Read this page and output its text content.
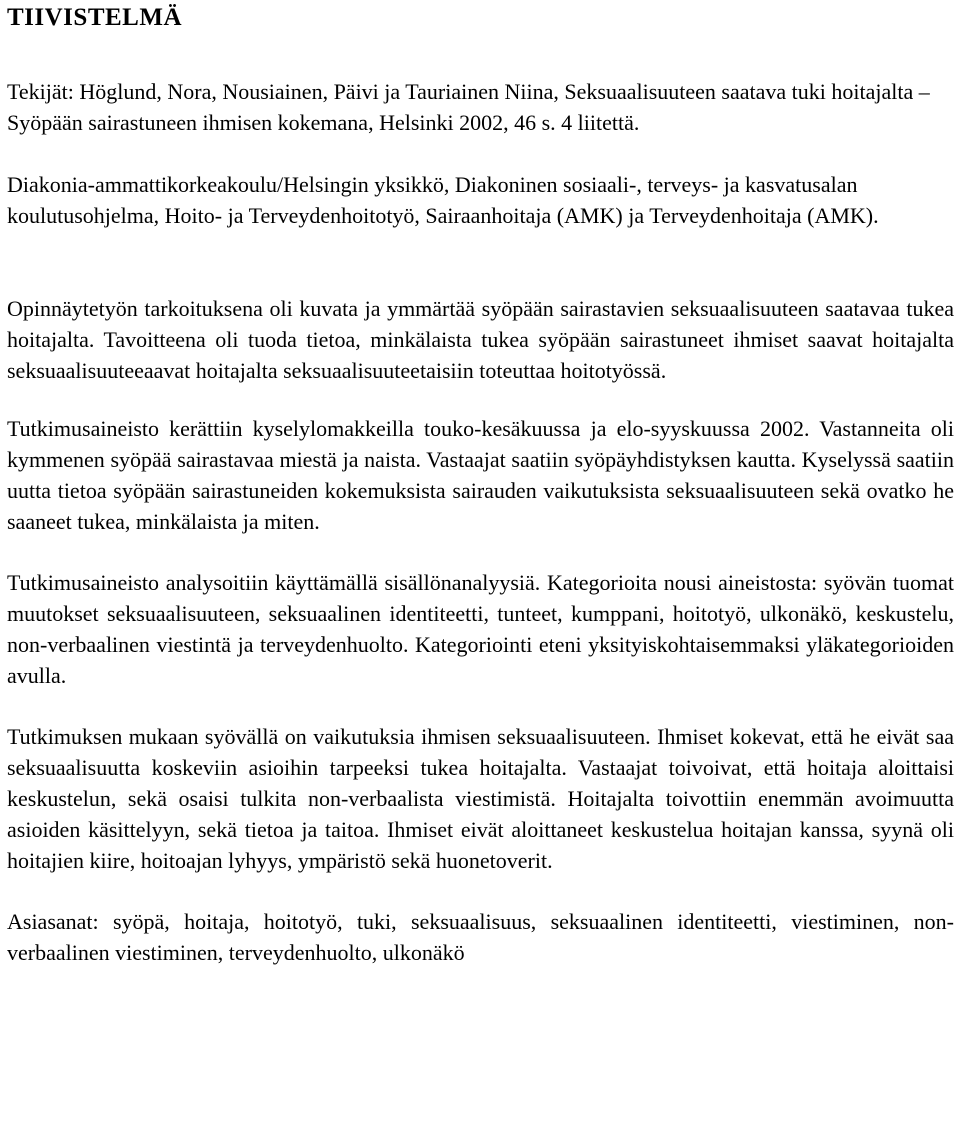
TIIVISTELMÄ

Tekijät: Höglund, Nora, Nousiainen, Päivi ja Tauriainen Niina, Seksuaalisuuteen saatava tuki hoitajalta – Syöpään sairastuneen ihmisen kokemana, Helsinki 2002, 46 s. 4 liitettä.

Diakonia-ammattikorkeakoulu/Helsingin yksikkö, Diakoninen sosiaali-, terveys- ja kasvatusalan koulutusohjelma, Hoito- ja Terveydenhoitotyö, Sairaanhoitaja (AMK) ja Terveydenhoitaja (AMK).

Opinnäytetyön tarkoituksena oli kuvata ja ymmärtää syöpään sairastavien seksuaalisuuteen saatavaa tukea hoitajalta. Tavoitteena oli tuoda tietoa, minkälaista tukea syöpään sairastuneet ihmiset saavat hoitajalta seksuaalisuuteeaavat hoitajalta seksuaalisuuteetaisiin toteuttaa hoitotyössä.

Tutkimusaineisto kerättiin kyselylomakkeilla touko-kesäkuussa ja elo-syyskuussa 2002. Vastanneita oli kymmenen syöpää sairastavaa miestä ja naista. Vastaajat saatiin syöpäyhdistyksen kautta. Kyselyssä saatiin uutta tietoa syöpään sairastuneiden kokemuksista sairauden vaikutuksista seksuaalisuuteen sekä ovatko he saaneet tukea, minkälaista ja miten.

Tutkimusaineisto analysoitiin käyttämällä sisällönanalyysiä. Kategorioita nousi aineistosta: syövän tuomat muutokset seksuaalisuuteen, seksuaalinen identiteetti, tunteet, kumppani, hoitotyö, ulkonäkö, keskustelu, non-verbaalinen viestintä ja terveydenhuolto. Kategoriointi eteni yksityiskohtaisemmaksi yläkategorioiden avulla.

Tutkimuksen mukaan syövällä on vaikutuksia ihmisen seksuaalisuuteen. Ihmiset kokevat, että he eivät saa seksuaalisuutta koskeviin asioihin tarpeeksi tukea hoitajalta. Vastaajat toivoivat, että hoitaja aloittaisi keskustelun, sekä osaisi tulkita non-verbaalista viestimistä. Hoitajalta toivottiin enemmän avoimuutta asioiden käsittelyyn, sekä tietoa ja taitoa. Ihmiset eivät aloittaneet keskustelua hoitajan kanssa, syynä oli hoitajien kiire, hoitoajan lyhyys, ympäristö sekä huonetoverit.

Asiasanat: syöpä, hoitaja, hoitotyö, tuki, seksuaalisuus, seksuaalinen identiteetti, viestiminen, non-verbaalinen viestiminen, terveydenhuolto, ulkonäkö
